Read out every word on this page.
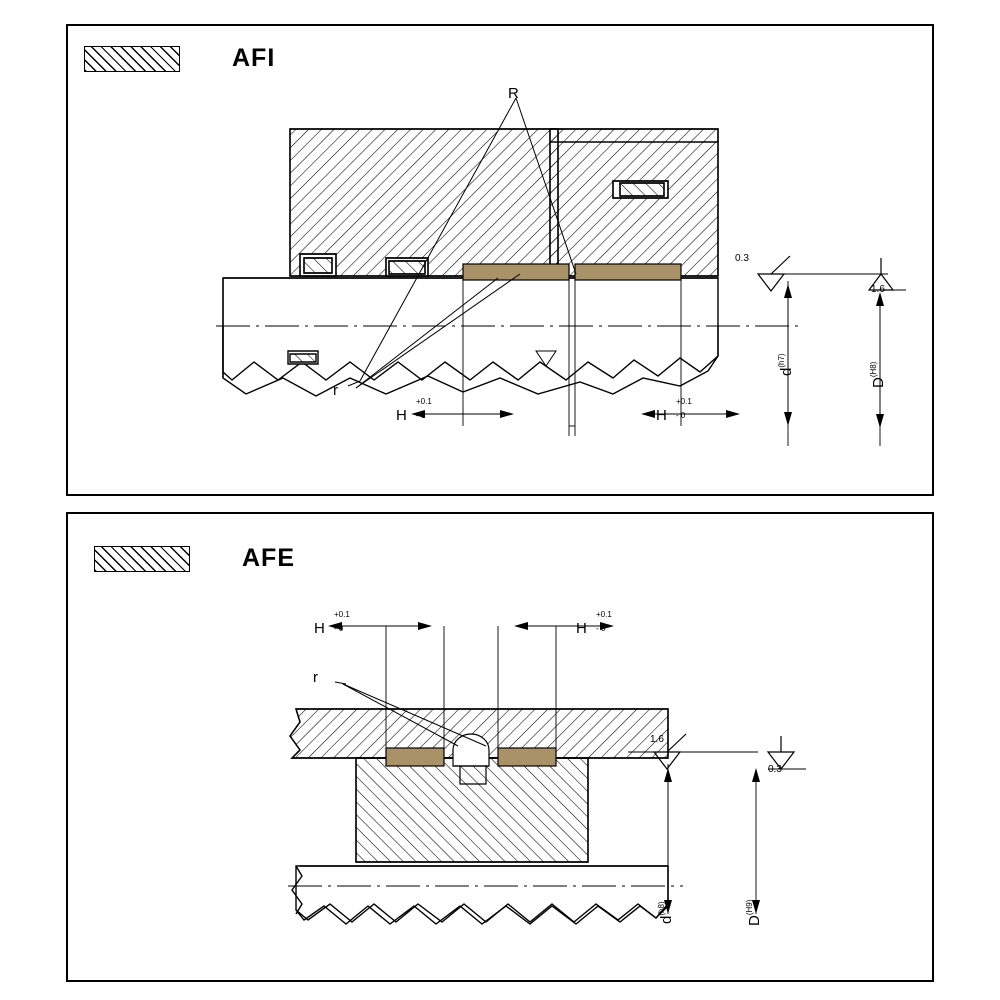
AFI
R
r
H
+0.1
- 0	H
+0.1
- 0
0.3
1.6
d(h7)
D(H8)
AFE
r
H
+0.1
- 0	H
+0.1
- 0
1.6
0.3
d(h8)
D(H9)
